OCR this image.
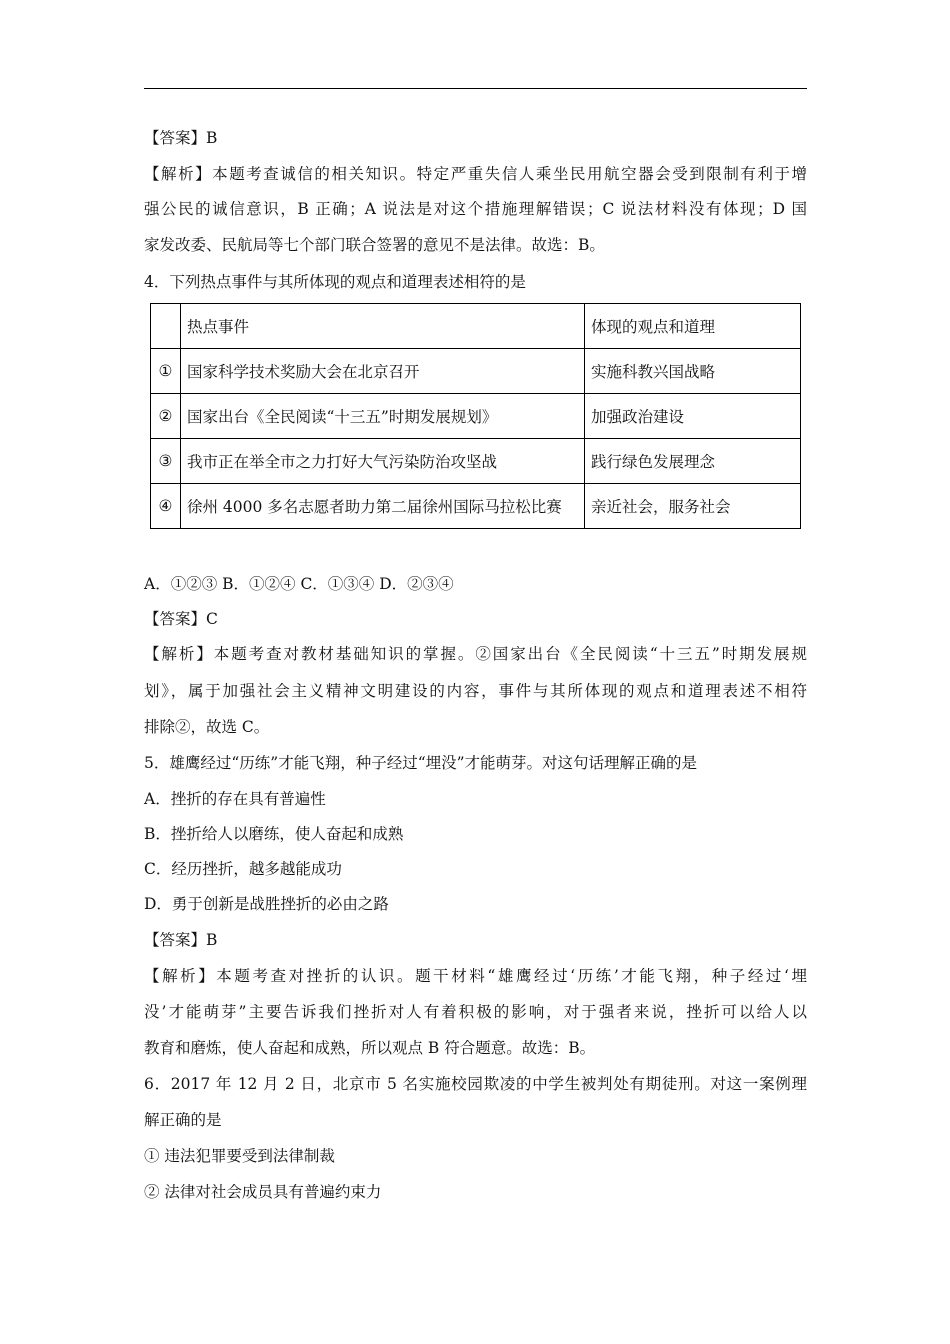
【答案】B
【解析】本题考查诚信的相关知识。特定严重失信人乘坐民用航空器会受到限制有利于增
强公民的诚信意识，B 正确；A 说法是对这个措施理解错误；C 说法材料没有体现；D 国
家发改委、民航局等七个部门联合签署的意见不是法律。故选：B。
4．下列热点事件与其所体现的观点和道理表述相符的是
	热点事件	体现的观点和道理
①	国家科学技术奖励大会在北京召开	实施科教兴国战略
②	国家出台《全民阅读“十三五”时期发展规划》	加强政治建设
③	我市正在举全市之力打好大气污染防治攻坚战	践行绿色发展理念
④	徐州 4000 多名志愿者助力第二届徐州国际马拉松比赛	亲近社会，服务社会
A．①②③ B．①②④ C．①③④ D．②③④
【答案】C
【解析】本题考查对教材基础知识的掌握。②国家出台《全民阅读“十三五”时期发展规
划》，属于加强社会主义精神文明建设的内容，事件与其所体现的观点和道理表述不相符
排除②，故选 C。
5．雄鹰经过“历练”才能飞翔，种子经过“埋没”才能萌芽。对这句话理解正确的是
A．挫折的存在具有普遍性
B．挫折给人以磨练，使人奋起和成熟
C．经历挫折，越多越能成功
D．勇于创新是战胜挫折的必由之路
【答案】B
【解析】本题考查对挫折的认识。题干材料“雄鹰经过‘历练’才能飞翔，种子经过‘埋
没’才能萌芽”主要告诉我们挫折对人有着积极的影响，对于强者来说，挫折可以给人以
教育和磨炼，使人奋起和成熟，所以观点 B 符合题意。故选：B。
6．2017 年 12 月 2 日，北京市 5 名实施校园欺凌的中学生被判处有期徒刑。对这一案例理
解正确的是
① 违法犯罪要受到法律制裁
② 法律对社会成员具有普遍约束力
